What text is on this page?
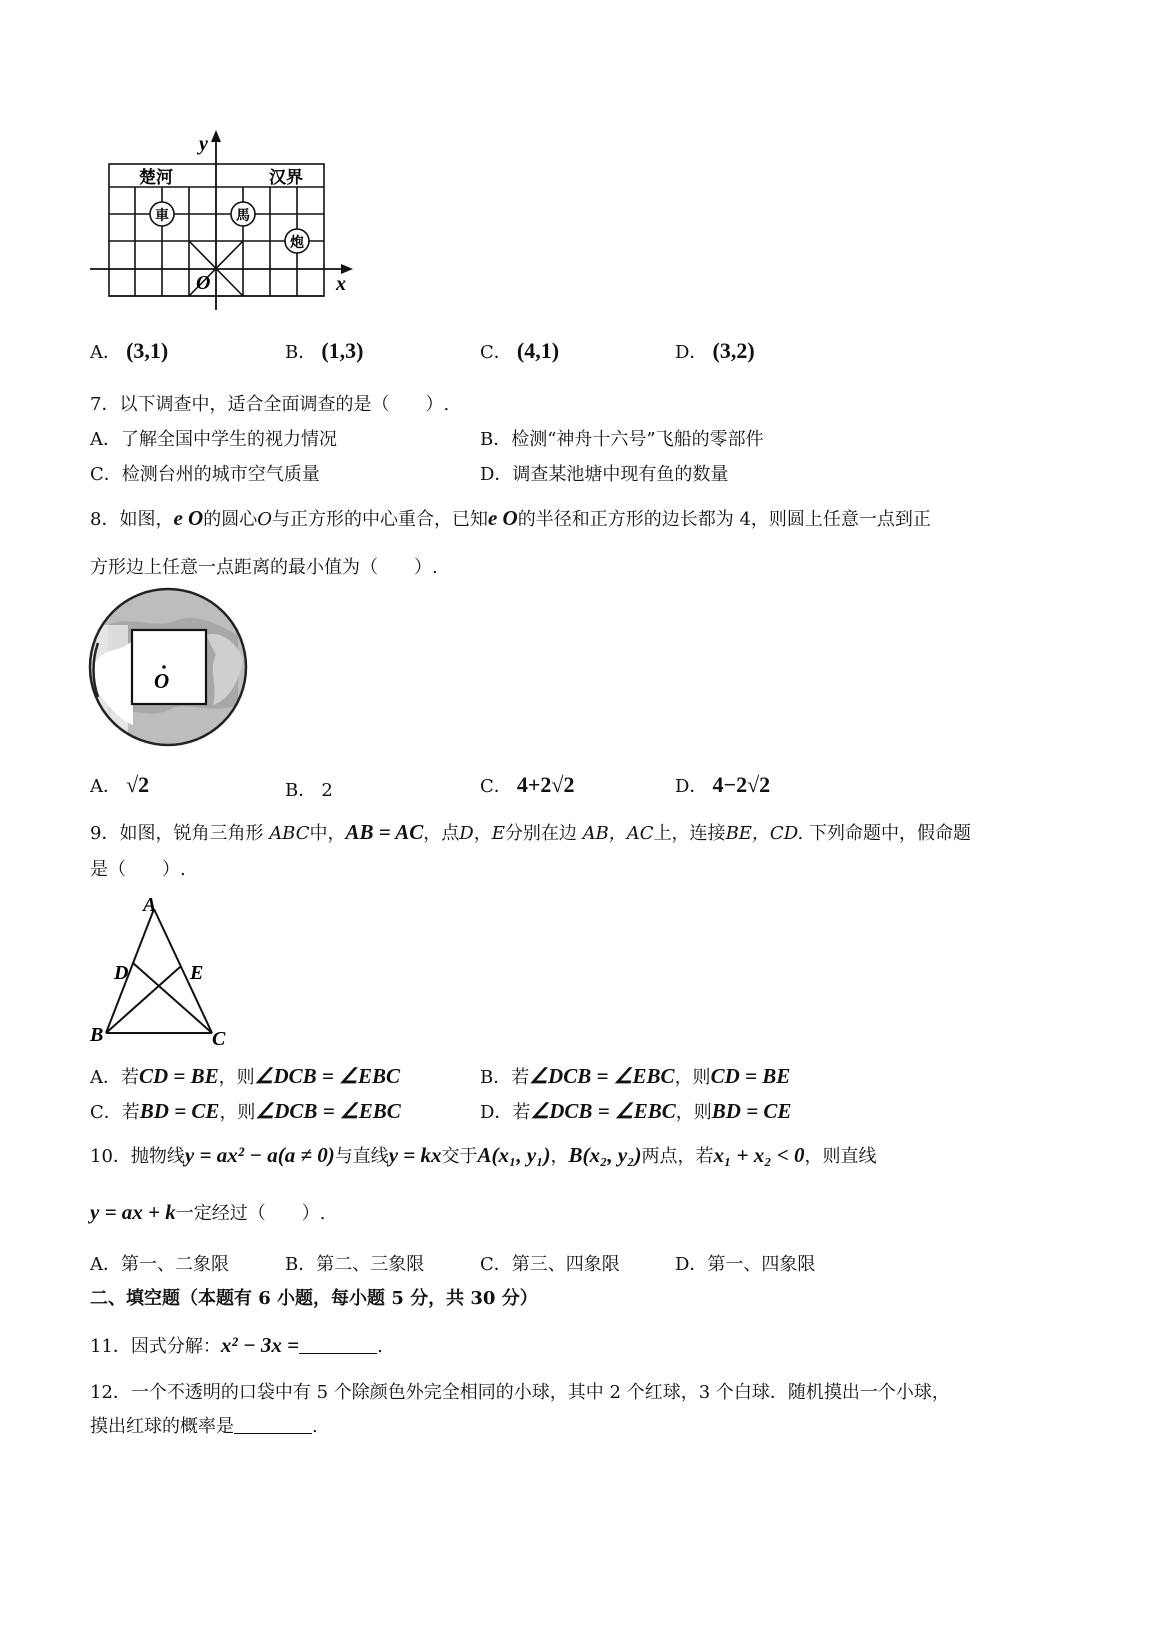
y
x
O
楚河	汉界
車	馬
炮
A． (3,1)	B． (1,3)	C． (4,1)	D． (3,2)
7．以下调查中，适合全面调查的是（　　）.
A．了解全国中学生的视力情况	B．检测“神舟十六号”飞船的零部件
C．检测台州的城市空气质量	D．调查某池塘中现有鱼的数量
8．如图，e O的圆心O与正方形的中心重合，已知e O的半径和正方形的边长都为 4，则圆上任意一点到正
方形边上任意一点距离的最小值为（　　）.
O
A． √2	B． 2	C． 4+2√2	D． 4−2√2
9．如图，锐角三角形 ABC中，AB = AC，点D，E分别在边 AB，AC上，连接BE，CD. 下列命题中，假命题
是（　　）.
A
B	C
D	E
A．若CD = BE，则∠DCB = ∠EBC	B．若∠DCB = ∠EBC，则CD = BE
C．若BD = CE，则∠DCB = ∠EBC	D．若∠DCB = ∠EBC，则BD = CE
10．抛物线y = ax² − a(a ≠ 0)与直线y = kx交于A(x₁, y₁)，B(x₂, y₂)两点，若x₁ + x₂ < 0，则直线
y = ax + k一定经过（　　）.
A．第一、二象限	B．第二、三象限	C．第三、四象限	D．第一、四象限
二、填空题（本题有 6 小题，每小题 5 分，共 30 分）
11．因式分解：x² − 3x =	.
12．一个不透明的口袋中有 5 个除颜色外完全相同的小球，其中 2 个红球，3 个白球．随机摸出一个小球，
摸出红球的概率是	.
